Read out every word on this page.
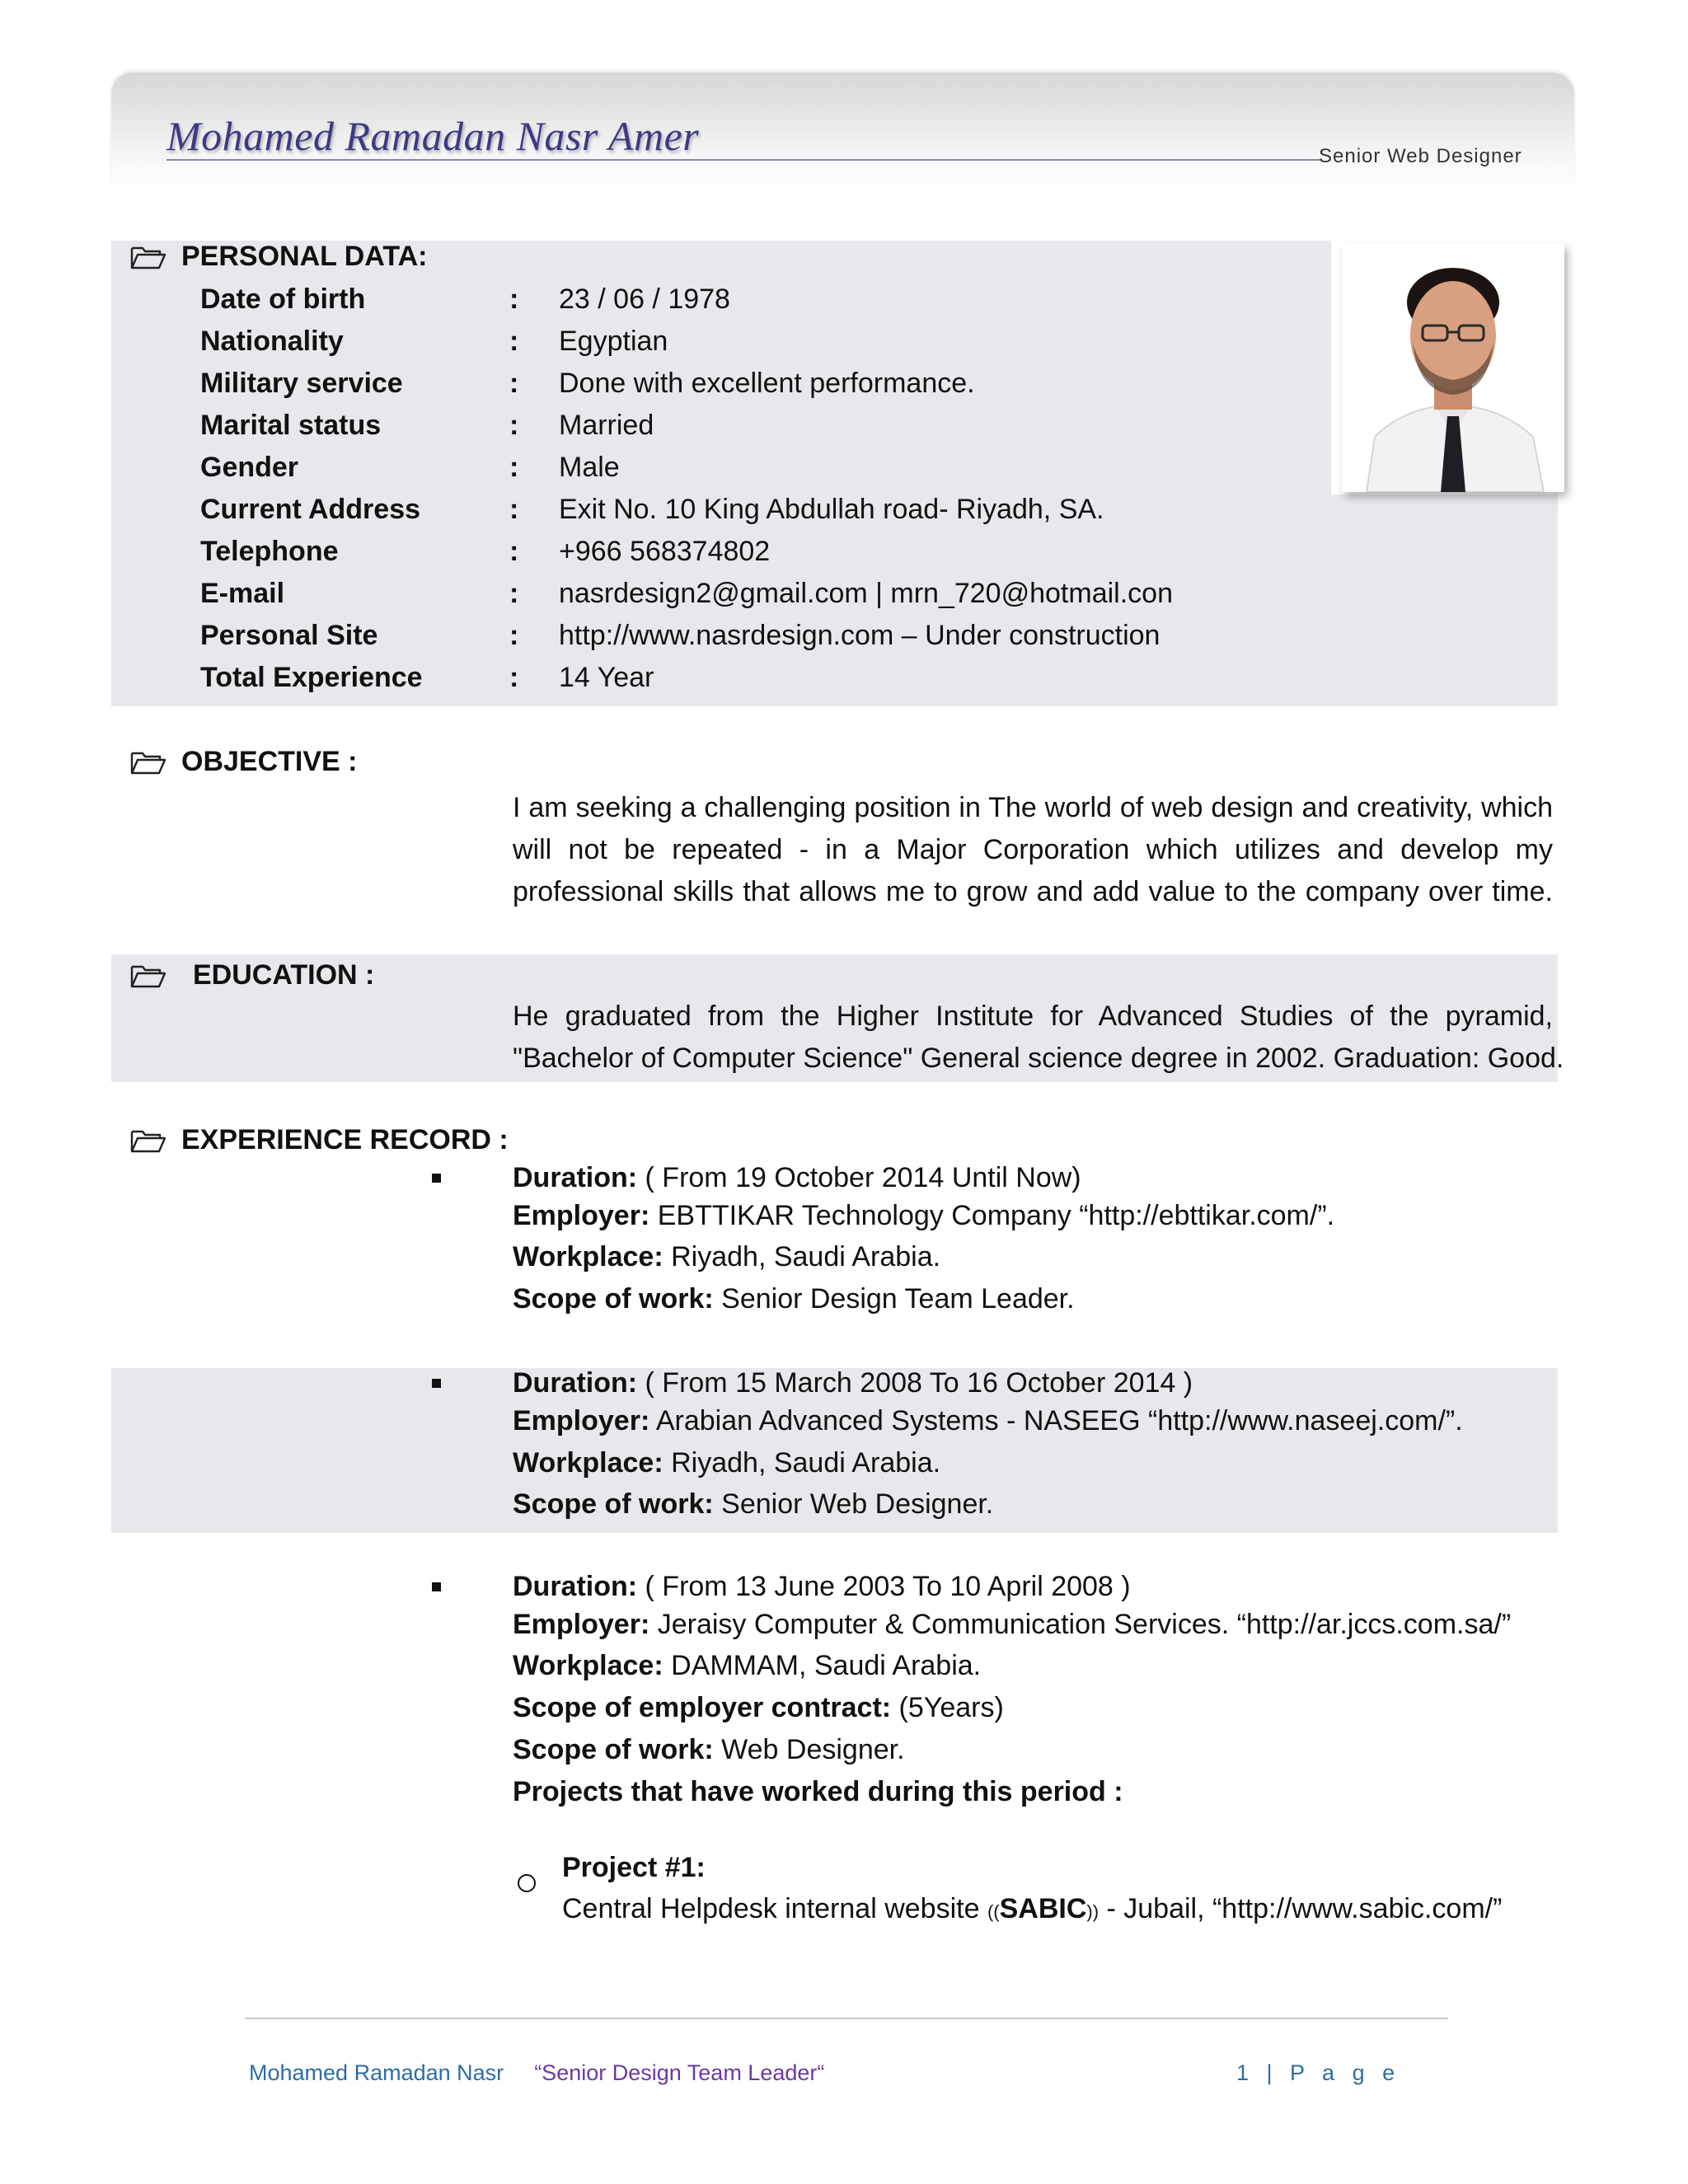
Mohamed Ramadan Nasr Amer	Senior Web Designer
PERSONAL DATA:
Date of birth	:	23 / 06 / 1978
Nationality	:	Egyptian
Military service	:	Done with excellent performance.
Marital status	:	Married
Gender	:	Male
Current Address	:	Exit No. 10 King Abdullah road- Riyadh, SA.
Telephone	:	+966 568374802
E-mail	:	nasrdesign2@gmail.com | mrn_720@hotmail.con
Personal Site	:	http://www.nasrdesign.com – Under construction
Total Experience	:	14 Year
OBJECTIVE :
I am seeking a challenging position in The world of web design and creativity, which
will not be repeated - in a Major Corporation which utilizes and develop my
professional skills that allows me to grow and add value to the company over time.
EDUCATION :
He graduated from the Higher Institute for Advanced Studies of the pyramid,
"Bachelor of Computer Science" General science degree in 2002. Graduation: Good.
EXPERIENCE RECORD :
Duration: ( From 19 October 2014 Until Now)
Employer: EBTTIKAR Technology Company “http://ebttikar.com/”.
Workplace: Riyadh, Saudi Arabia.
Scope of work: Senior Design Team Leader.
Duration: ( From 15 March 2008 To 16 October 2014 )
Employer: Arabian Advanced Systems - NASEEG “http://www.naseej.com/”.
Workplace: Riyadh, Saudi Arabia.
Scope of work: Senior Web Designer.
Duration: ( From 13 June 2003 To 10 April 2008 )
Employer: Jeraisy Computer & Communication Services. “http://ar.jccs.com.sa/”
Workplace: DAMMAM, Saudi Arabia.
Scope of employer contract: (5Years)
Scope of work: Web Designer.
Projects that have worked during this period :
Project #1:
Central Helpdesk internal website ((SABIC)) - Jubail, “http://www.sabic.com/”
Mohamed Ramadan Nasr “Senior Design Team Leader“	1 | P a g e
